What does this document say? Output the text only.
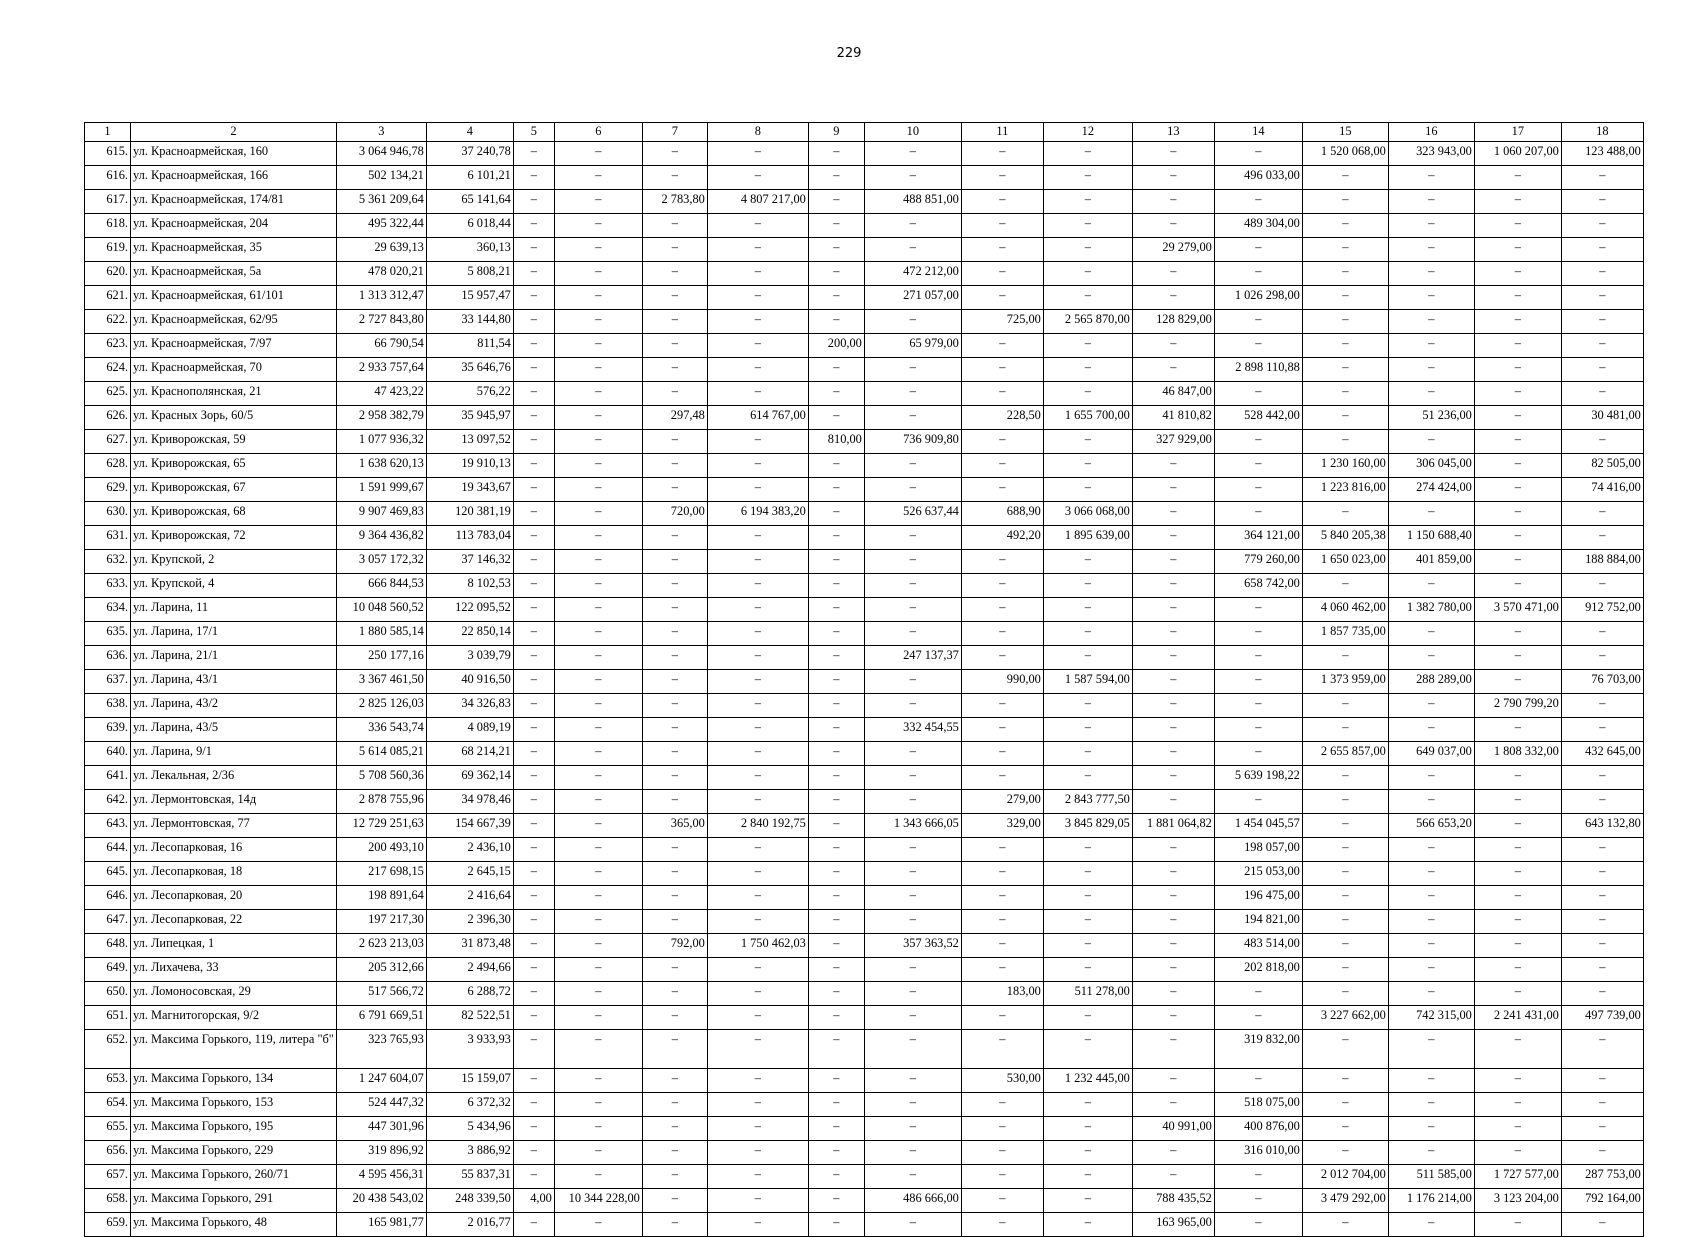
229
1	2	3	4	5	6	7	8	9	10	11	12	13	14	15	16	17	18
615.	ул. Красноармейская, 160	3 064 946,78	37 240,78	–	–	–	–	–	–	–	–	–	–	1 520 068,00	323 943,00	1 060 207,00	123 488,00
616.	ул. Красноармейская, 166	502 134,21	6 101,21	–	–	–	–	–	–	–	–	–	496 033,00	–	–	–	–
617.	ул. Красноармейская, 174/81	5 361 209,64	65 141,64	–	–	2 783,80	4 807 217,00	–	488 851,00	–	–	–	–	–	–	–	–
618.	ул. Красноармейская, 204	495 322,44	6 018,44	–	–	–	–	–	–	–	–	–	489 304,00	–	–	–	–
619.	ул. Красноармейская, 35	29 639,13	360,13	–	–	–	–	–	–	–	–	29 279,00	–	–	–	–	–
620.	ул. Красноармейская, 5а	478 020,21	5 808,21	–	–	–	–	–	472 212,00	–	–	–	–	–	–	–	–
621.	ул. Красноармейская, 61/101	1 313 312,47	15 957,47	–	–	–	–	–	271 057,00	–	–	–	1 026 298,00	–	–	–	–
622.	ул. Красноармейская, 62/95	2 727 843,80	33 144,80	–	–	–	–	–	–	725,00	2 565 870,00	128 829,00	–	–	–	–	–
623.	ул. Красноармейская, 7/97	66 790,54	811,54	–	–	–	–	200,00	65 979,00	–	–	–	–	–	–	–	–
624.	ул. Красноармейская, 70	2 933 757,64	35 646,76	–	–	–	–	–	–	–	–	–	2 898 110,88	–	–	–	–
625.	ул. Краснополянская, 21	47 423,22	576,22	–	–	–	–	–	–	–	–	46 847,00	–	–	–	–	–
626.	ул. Красных Зорь, 60/5	2 958 382,79	35 945,97	–	–	297,48	614 767,00	–	–	228,50	1 655 700,00	41 810,82	528 442,00	–	51 236,00	–	30 481,00
627.	ул. Криворожская, 59	1 077 936,32	13 097,52	–	–	–	–	810,00	736 909,80	–	–	327 929,00	–	–	–	–	–
628.	ул. Криворожская, 65	1 638 620,13	19 910,13	–	–	–	–	–	–	–	–	–	–	1 230 160,00	306 045,00	–	82 505,00
629.	ул. Криворожская, 67	1 591 999,67	19 343,67	–	–	–	–	–	–	–	–	–	–	1 223 816,00	274 424,00	–	74 416,00
630.	ул. Криворожская, 68	9 907 469,83	120 381,19	–	–	720,00	6 194 383,20	–	526 637,44	688,90	3 066 068,00	–	–	–	–	–	–
631.	ул. Криворожская, 72	9 364 436,82	113 783,04	–	–	–	–	–	–	492,20	1 895 639,00	–	364 121,00	5 840 205,38	1 150 688,40	–	–
632.	ул. Крупской, 2	3 057 172,32	37 146,32	–	–	–	–	–	–	–	–	–	779 260,00	1 650 023,00	401 859,00	–	188 884,00
633.	ул. Крупской, 4	666 844,53	8 102,53	–	–	–	–	–	–	–	–	–	658 742,00	–	–	–	–
634.	ул. Ларина, 11	10 048 560,52	122 095,52	–	–	–	–	–	–	–	–	–	–	4 060 462,00	1 382 780,00	3 570 471,00	912 752,00
635.	ул. Ларина, 17/1	1 880 585,14	22 850,14	–	–	–	–	–	–	–	–	–	–	1 857 735,00	–	–	–
636.	ул. Ларина, 21/1	250 177,16	3 039,79	–	–	–	–	–	247 137,37	–	–	–	–	–	–	–	–
637.	ул. Ларина, 43/1	3 367 461,50	40 916,50	–	–	–	–	–	–	990,00	1 587 594,00	–	–	1 373 959,00	288 289,00	–	76 703,00
638.	ул. Ларина, 43/2	2 825 126,03	34 326,83	–	–	–	–	–	–	–	–	–	–	–	–	2 790 799,20	–
639.	ул. Ларина, 43/5	336 543,74	4 089,19	–	–	–	–	–	332 454,55	–	–	–	–	–	–	–	–
640.	ул. Ларина, 9/1	5 614 085,21	68 214,21	–	–	–	–	–	–	–	–	–	–	2 655 857,00	649 037,00	1 808 332,00	432 645,00
641.	ул. Лекальная, 2/36	5 708 560,36	69 362,14	–	–	–	–	–	–	–	–	–	5 639 198,22	–	–	–	–
642.	ул. Лермонтовская, 14д	2 878 755,96	34 978,46	–	–	–	–	–	–	279,00	2 843 777,50	–	–	–	–	–	–
643.	ул. Лермонтовская, 77	12 729 251,63	154 667,39	–	–	365,00	2 840 192,75	–	1 343 666,05	329,00	3 845 829,05	1 881 064,82	1 454 045,57	–	566 653,20	–	643 132,80
644.	ул. Лесопарковая, 16	200 493,10	2 436,10	–	–	–	–	–	–	–	–	–	198 057,00	–	–	–	–
645.	ул. Лесопарковая, 18	217 698,15	2 645,15	–	–	–	–	–	–	–	–	–	215 053,00	–	–	–	–
646.	ул. Лесопарковая, 20	198 891,64	2 416,64	–	–	–	–	–	–	–	–	–	196 475,00	–	–	–	–
647.	ул. Лесопарковая, 22	197 217,30	2 396,30	–	–	–	–	–	–	–	–	–	194 821,00	–	–	–	–
648.	ул. Липецкая, 1	2 623 213,03	31 873,48	–	–	792,00	1 750 462,03	–	357 363,52	–	–	–	483 514,00	–	–	–	–
649.	ул. Лихачева, 33	205 312,66	2 494,66	–	–	–	–	–	–	–	–	–	202 818,00	–	–	–	–
650.	ул. Ломоносовская, 29	517 566,72	6 288,72	–	–	–	–	–	–	183,00	511 278,00	–	–	–	–	–	–
651.	ул. Магнитогорская, 9/2	6 791 669,51	82 522,51	–	–	–	–	–	–	–	–	–	–	3 227 662,00	742 315,00	2 241 431,00	497 739,00
652.	ул. Максима Горького, 119, литера "б"	323 765,93	3 933,93	–	–	–	–	–	–	–	–	–	319 832,00	–	–	–	–
653.	ул. Максима Горького, 134	1 247 604,07	15 159,07	–	–	–	–	–	–	530,00	1 232 445,00	–	–	–	–	–	–
654.	ул. Максима Горького, 153	524 447,32	6 372,32	–	–	–	–	–	–	–	–	–	518 075,00	–	–	–	–
655.	ул. Максима Горького, 195	447 301,96	5 434,96	–	–	–	–	–	–	–	–	40 991,00	400 876,00	–	–	–	–
656.	ул. Максима Горького, 229	319 896,92	3 886,92	–	–	–	–	–	–	–	–	–	316 010,00	–	–	–	–
657.	ул. Максима Горького, 260/71	4 595 456,31	55 837,31	–	–	–	–	–	–	–	–	–	–	2 012 704,00	511 585,00	1 727 577,00	287 753,00
658.	ул. Максима Горького, 291	20 438 543,02	248 339,50	4,00	10 344 228,00	–	–	–	486 666,00	–	–	788 435,52	–	3 479 292,00	1 176 214,00	3 123 204,00	792 164,00
659.	ул. Максима Горького, 48	165 981,77	2 016,77	–	–	–	–	–	–	–	–	163 965,00	–	–	–	–	–
